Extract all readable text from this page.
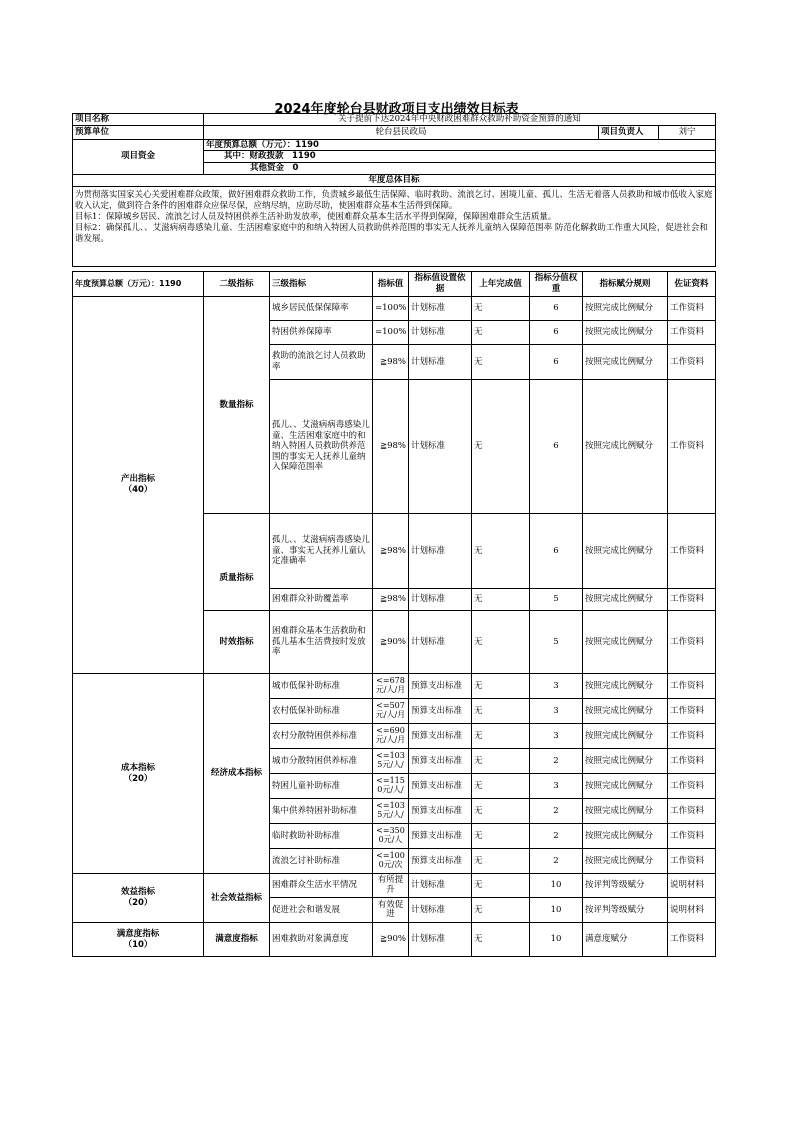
2024年度轮台县财政项目支出绩效目标表
项目名称	关于提前下达2024年中央财政困难群众救助补助资金预算的通知	
预算单位	轮台县民政局	项目负责人 刘宁

项目资金	年度预算总额（万元）：1190	
	其中：财政拨款　1190	
	其他资金　0	
年度总体目标		

为贯彻落实国家关心关爱困难群众政策，做好困难群众救助工作，负责城乡最低生活保障、临时救助、流浪乞讨、困境儿童、孤儿、生活无着落人员救助和城市低收入家庭收入认定，做到符合条件的困难群众应保尽保，应纳尽纳，应助尽助，使困难群众基本生活得到保障。
目标1：保障城乡居民、流浪乞讨人员及特困供养生活补助发放率，使困难群众基本生活水平得到保障，保障困难群众生活质量。
目标2：确保孤儿、、艾滋病病毒感染儿童、生活困难家庭中的和纳入特困人员救助供养范围的事实无人抚养儿童纳入保障范围率 防范化解救助工作重大风险，促进社会和谐发展。		
年度预算总额（万元）：1190	二级指标	三级指标	指标值	指标值设置依据	上年完成值	指标分值权重	指标赋分规则	佐证资料

产出指标
（40）	数量指标	城乡居民低保保障率	=100%	计划标准	无	6	按照完成比例赋分	工作资料
		特困供养保障率	=100%	计划标准	无	6	按照完成比例赋分	工作资料
		救助的流浪乞讨人员救助率	≧98%	计划标准	无	6	按照完成比例赋分	工作资料
		孤儿、、艾滋病病毒感染儿童、生活困难家庭中的和纳入特困人员救助供养范围的事实无人抚养儿童纳入保障范围率	≧98%	计划标准	无	6	按照完成比例赋分	工作资料
	质量指标	孤儿、、艾滋病病毒感染儿童、事实无人抚养儿童认定准确率	≧98%	计划标准	无	6	按照完成比例赋分	工作资料
		困难群众补助覆盖率	≧98%	计划标准	无	5	按照完成比例赋分	工作资料
	时效指标	困难群众基本生活救助和孤儿基本生活费按时发放率	≧90%	计划标准	无	5	按照完成比例赋分	工作资料

成本指标
（20）	经济成本指标	城市低保补助标准	<=678元/人/月	预算支出标准	无	3	按照完成比例赋分	工作资料
		农村低保补助标准	<=507元/人/月	预算支出标准	无	3	按照完成比例赋分	工作资料
		农村分散特困供养标准	<=690元/人/月	预算支出标准	无	3	按照完成比例赋分	工作资料
		城市分散特困供养标准	<=1035元/人/	预算支出标准	无	2	按照完成比例赋分	工作资料
		特困儿童补助标准	<=1150元/人/	预算支出标准	无	3	按照完成比例赋分	工作资料
		集中供养特困补助标准	<=1035元/人/	预算支出标准	无	2	按照完成比例赋分	工作资料
		临时救助补助标准	<=3500元/人	预算支出标准	无	2	按照完成比例赋分	工作资料
		流浪乞讨补助标准	<=1000元/次	预算支出标准	无	2	按照完成比例赋分	工作资料

效益指标
（20）	社会效益指标	困难群众生活水平情况	有所提升	计划标准	无	10	按评判等级赋分	说明材料
		促进社会和谐发展	有效促进	计划标准	无	10	按评判等级赋分	说明材料

满意度指标
（10）	满意度指标	困难救助对象满意度	≧90%	计划标准	无	10	满意度赋分	工作资料
